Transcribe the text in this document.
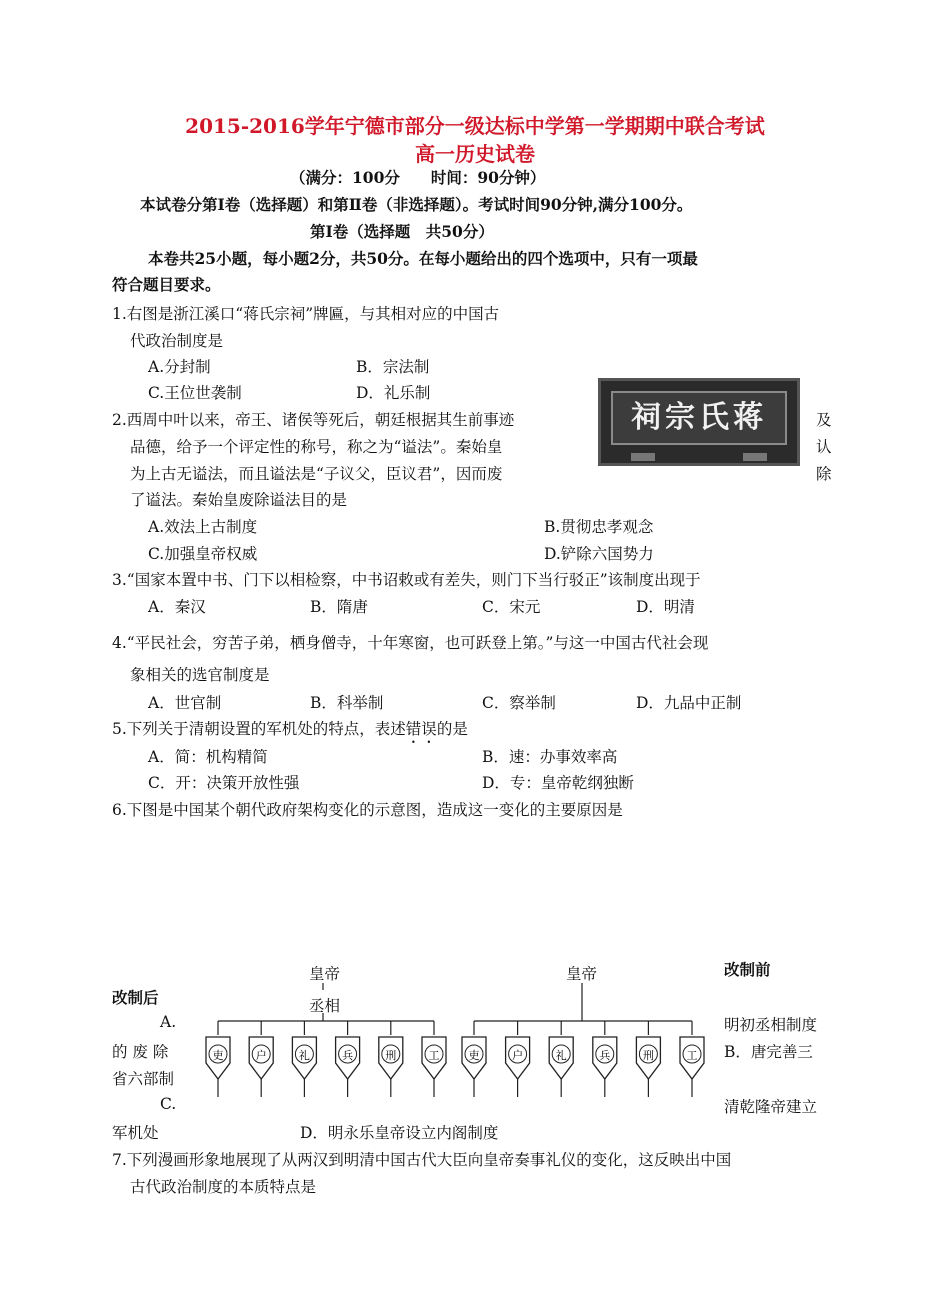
2015-2016学年宁德市部分一级达标中学第一学期期中联合考试
高一历史试卷
（满分：100分　　时间：90分钟）
本试卷分第Ⅰ卷（选择题）和第Ⅱ卷（非选择题）。考试时间90分钟,满分100分。
第Ⅰ卷（选择题　共50分）
本卷共25小题，每小题2分，共50分。在每小题给出的四个选项中，只有一项最
符合题目要求。
1.右图是浙江溪口“蒋氏宗祠”牌匾，与其相对应的中国古
代政治制度是
A.分封制	B．宗法制
C.王位世袭制	D．礼乐制
祠宗氏蒋
2.西周中叶以来，帝王、诸侯等死后，朝廷根据其生前事迹	及
品德，给予一个评定性的称号，称之为“谥法”。秦始皇	认
为上古无谥法，而且谥法是“子议父，臣议君”，因而废	除
了谥法。秦始皇废除谥法目的是
A.效法上古制度	B.贯彻忠孝观念
C.加强皇帝权威	D.铲除六国势力
3.“国家本置中书、门下以相检察，中书诏敕或有差失，则门下当行驳正”该制度出现于
A．秦汉	B．隋唐	C．宋元	D．明清
4.“平民社会，穷苦子弟，栖身僧寺，十年寒窗，也可跃登上第。”与这一中国古代社会现
象相关的选官制度是
A．世官制	B．科举制	C．察举制	D．九品中正制
5.下列关于清朝设置的军机处的特点，表述错误的是
A．简：机构精简	B．速：办事效率高
C．开：决策开放性强	D．专：皇帝乾纲独断
6.下图是中国某个朝代政府架构变化的示意图，造成这一变化的主要原因是
吏	户	礼	兵	刑	工	吏	户	礼	兵	刑	工
皇帝
丞相
皇帝	改制前
改制后
A.	明初丞相制度
的 废 除	B．唐完善三
省六部制
C.	清乾隆帝建立
军机处	D．明永乐皇帝设立内阁制度
7.下列漫画形象地展现了从两汉到明清中国古代大臣向皇帝奏事礼仪的变化，这反映出中国
古代政治制度的本质特点是
